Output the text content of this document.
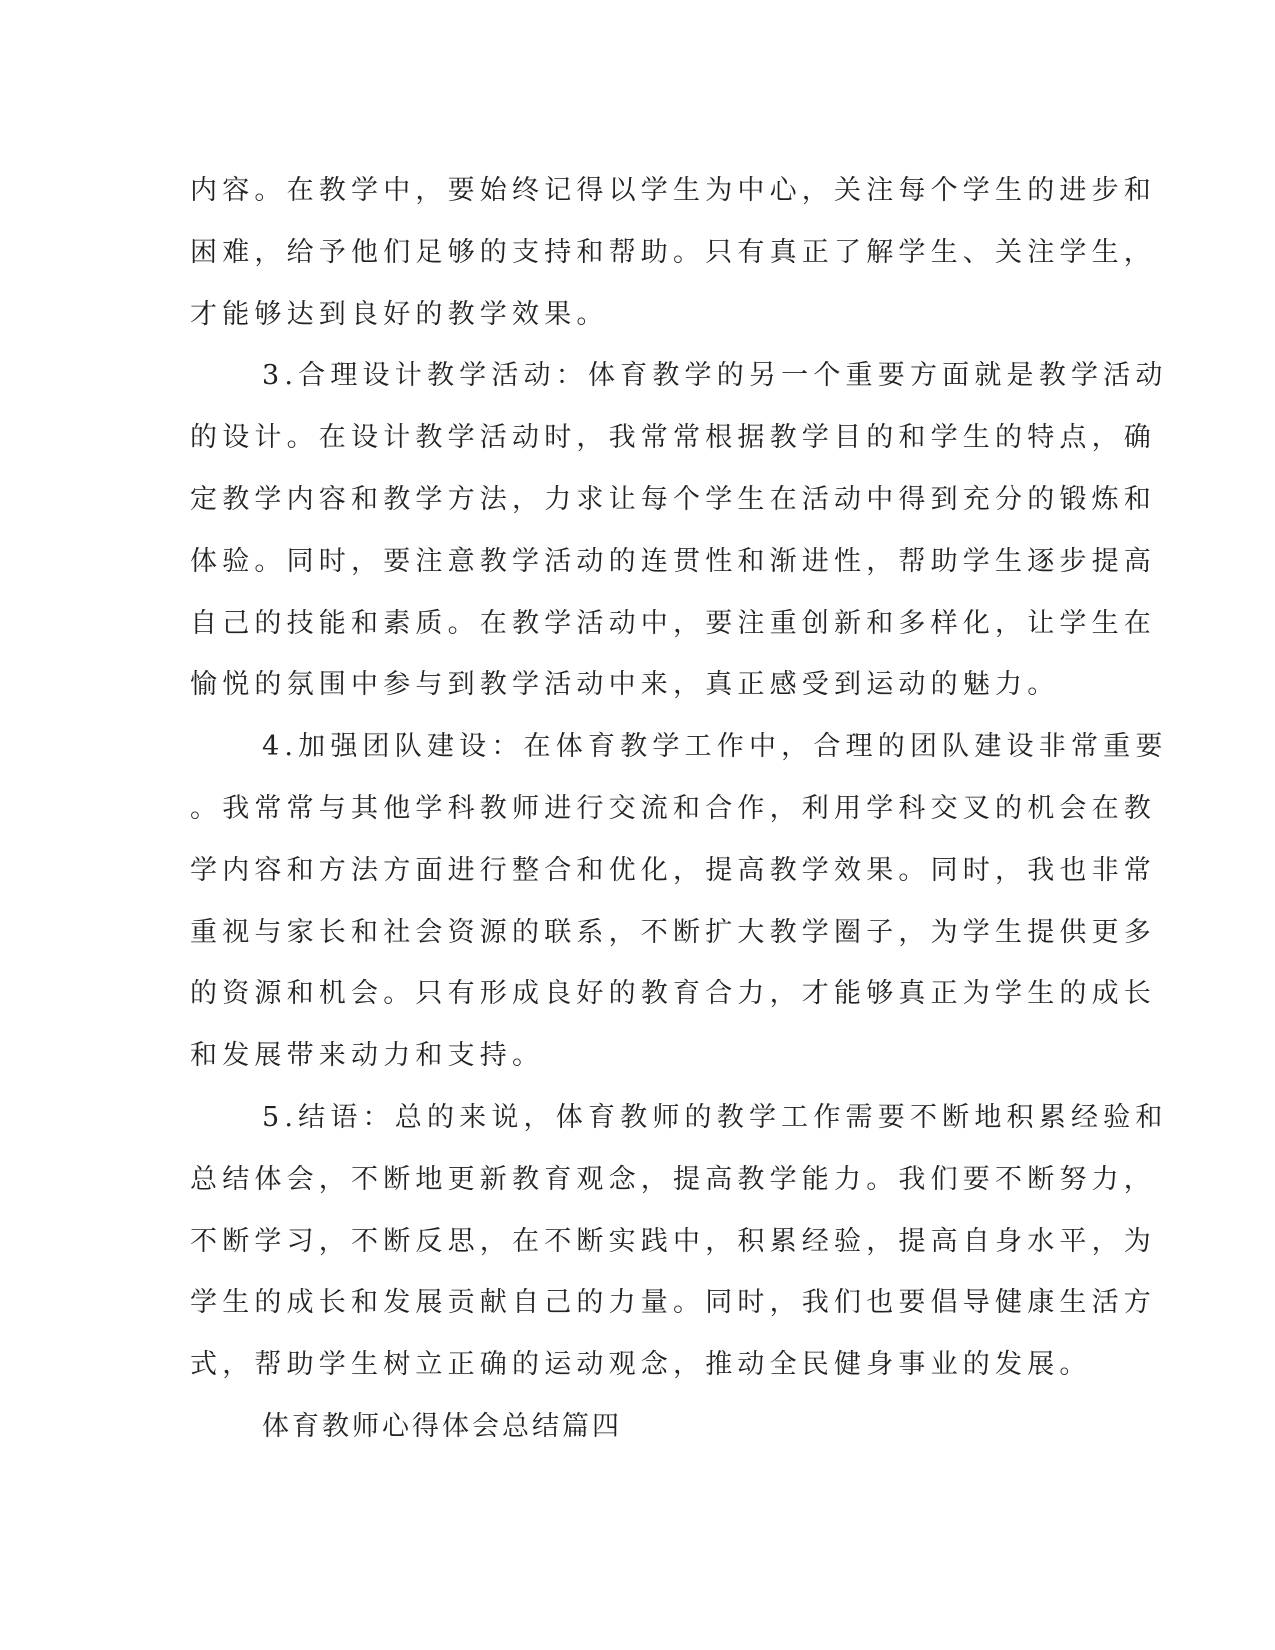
内容。在教学中，要始终记得以学生为中心，关注每个学生的进步和
困难，给予他们足够的支持和帮助。只有真正了解学生、关注学生，
才能够达到良好的教学效果。

3.合理设计教学活动：体育教学的另一个重要方面就是教学活动
的设计。在设计教学活动时，我常常根据教学目的和学生的特点，确
定教学内容和教学方法，力求让每个学生在活动中得到充分的锻炼和
体验。同时，要注意教学活动的连贯性和渐进性，帮助学生逐步提高
自己的技能和素质。在教学活动中，要注重创新和多样化，让学生在
愉悦的氛围中参与到教学活动中来，真正感受到运动的魅力。

4.加强团队建设：在体育教学工作中，合理的团队建设非常重要
。我常常与其他学科教师进行交流和合作，利用学科交叉的机会在教
学内容和方法方面进行整合和优化，提高教学效果。同时，我也非常
重视与家长和社会资源的联系，不断扩大教学圈子，为学生提供更多
的资源和机会。只有形成良好的教育合力，才能够真正为学生的成长
和发展带来动力和支持。

5.结语：总的来说，体育教师的教学工作需要不断地积累经验和
总结体会，不断地更新教育观念，提高教学能力。我们要不断努力，
不断学习，不断反思，在不断实践中，积累经验，提高自身水平，为
学生的成长和发展贡献自己的力量。同时，我们也要倡导健康生活方
式，帮助学生树立正确的运动观念，推动全民健身事业的发展。

体育教师心得体会总结篇四
